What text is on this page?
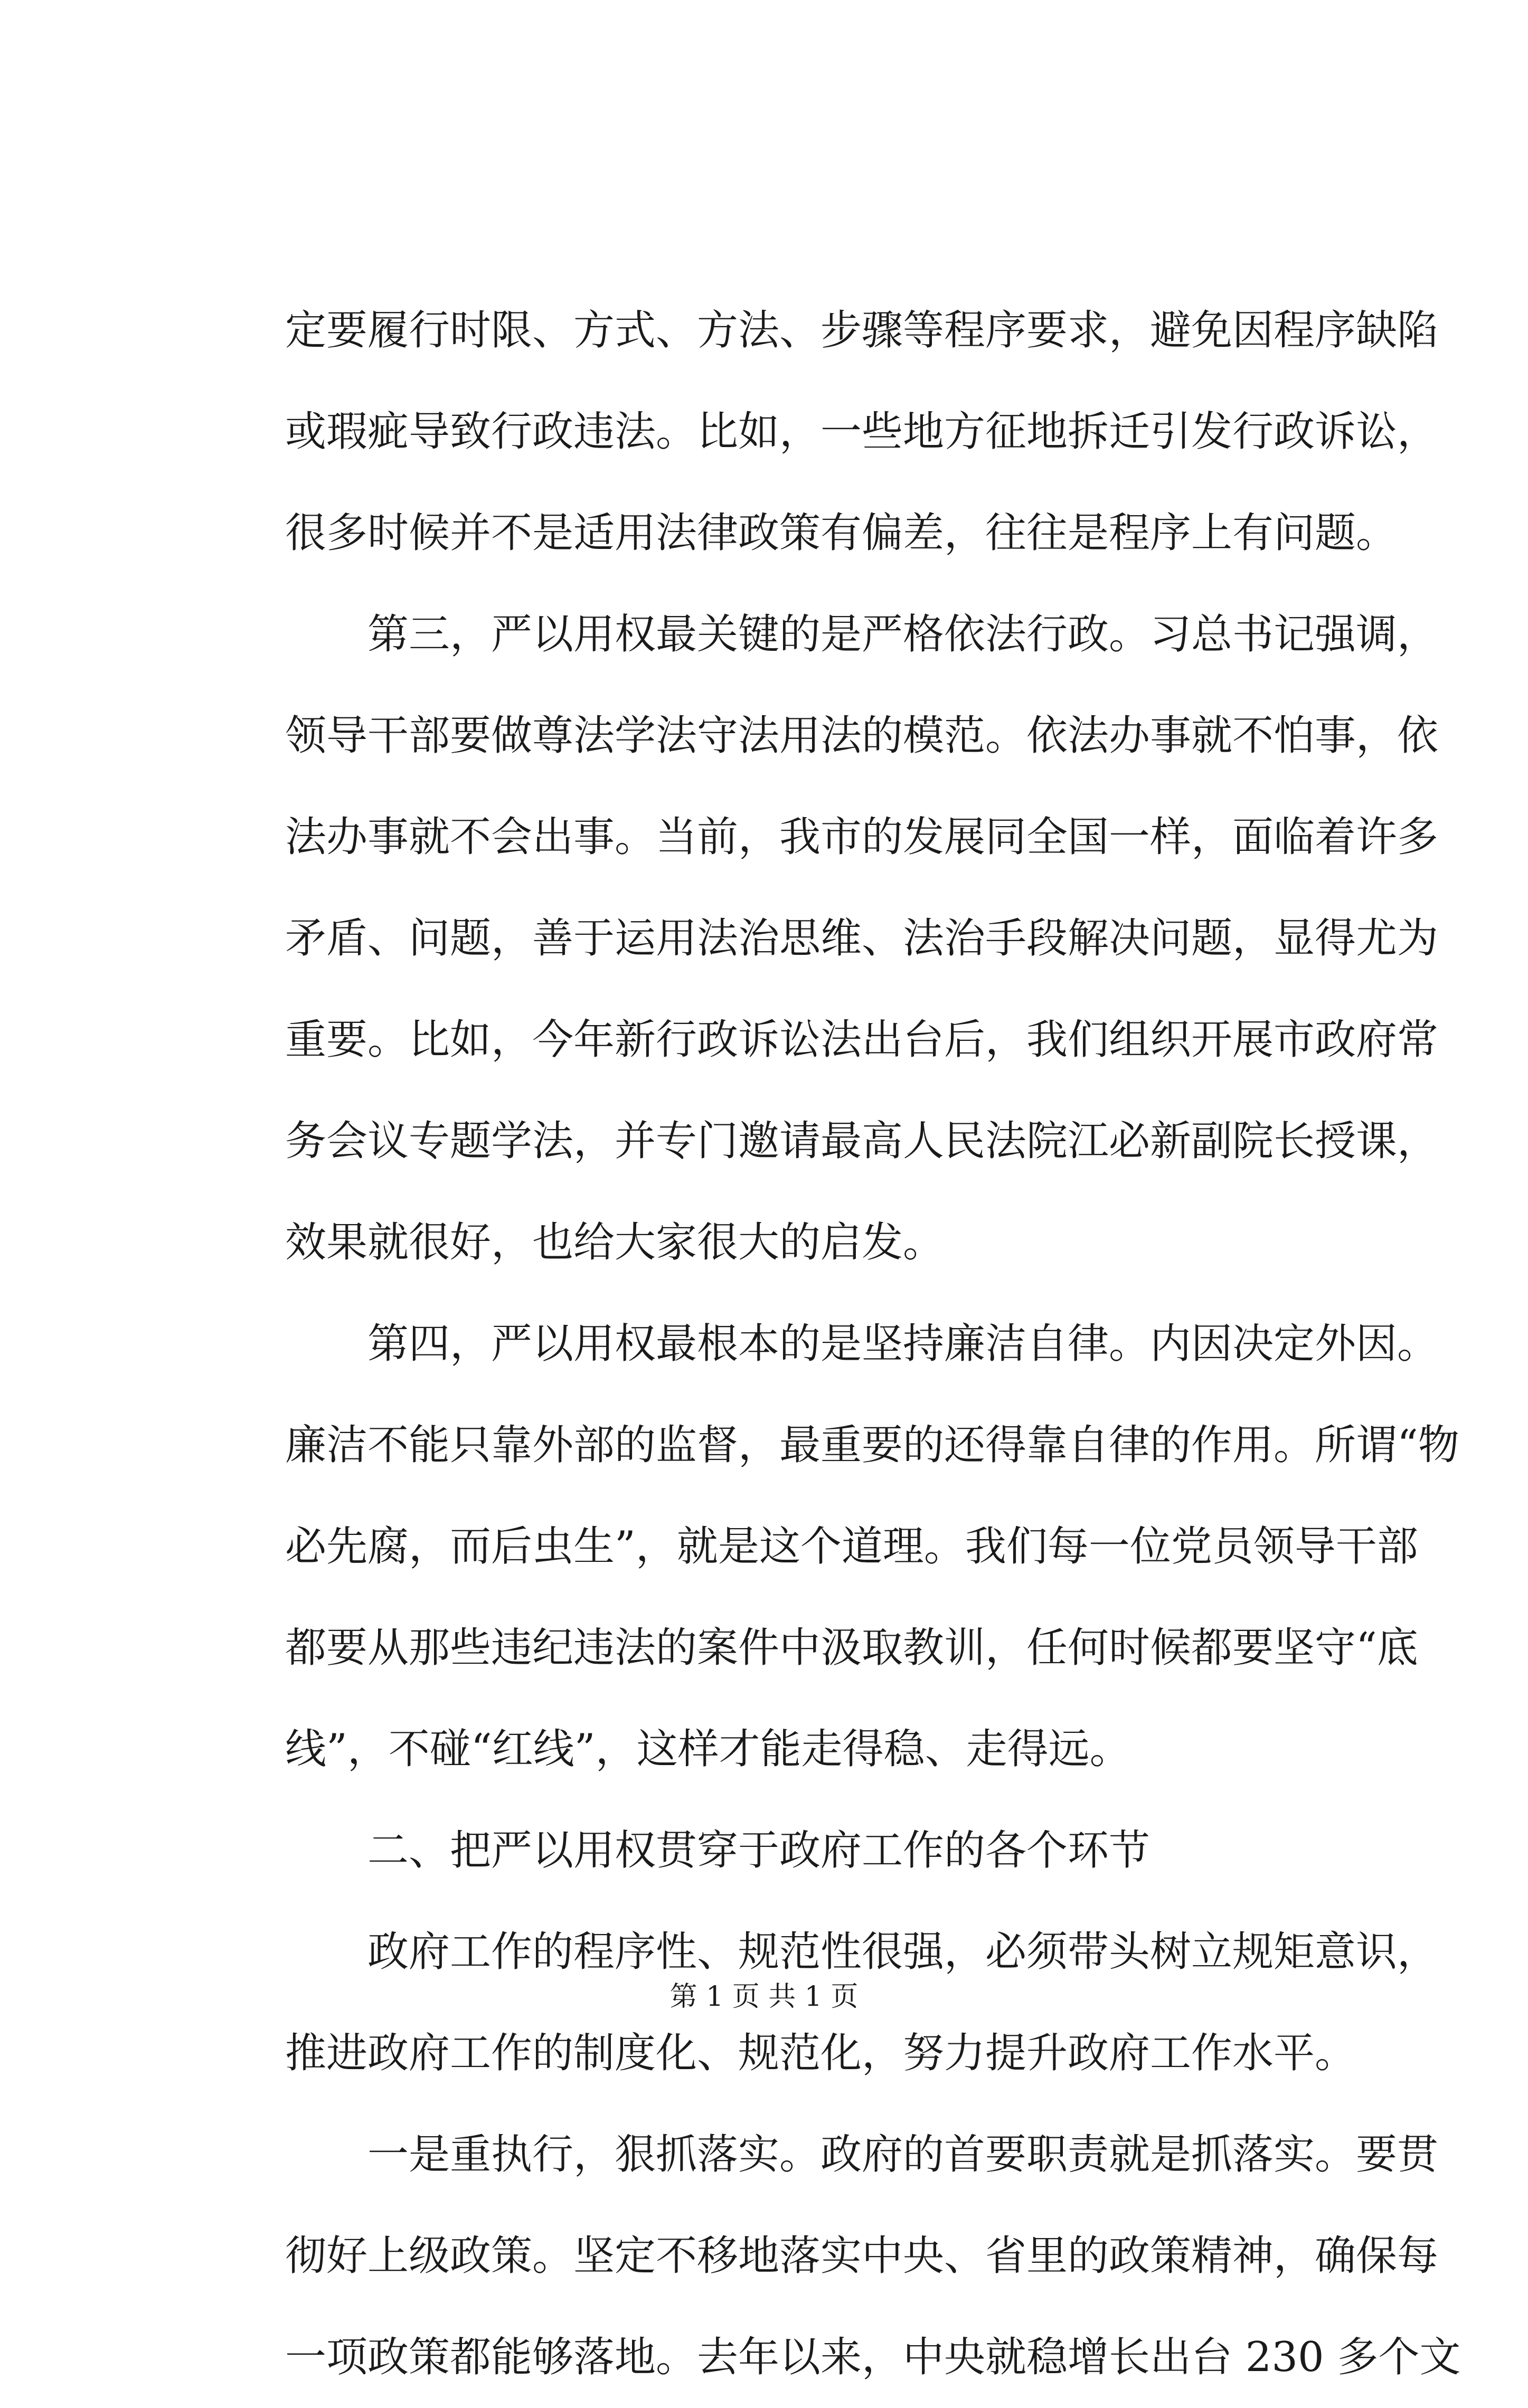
定要履行时限、方式、方法、步骤等程序要求，避免因程序缺陷
或瑕疵导致行政违法。比如，一些地方征地拆迁引发行政诉讼，
很多时候并不是适用法律政策有偏差，往往是程序上有问题。
第三，严以用权最关键的是严格依法行政。习总书记强调，
领导干部要做尊法学法守法用法的模范。依法办事就不怕事，依
法办事就不会出事。当前，我市的发展同全国一样，面临着许多
矛盾、问题，善于运用法治思维、法治手段解决问题，显得尤为
重要。比如，今年新行政诉讼法出台后，我们组织开展市政府常
务会议专题学法，并专门邀请最高人民法院江必新副院长授课，
效果就很好，也给大家很大的启发。
第四，严以用权最根本的是坚持廉洁自律。内因决定外因。
廉洁不能只靠外部的监督，最重要的还得靠自律的作用。所谓“物
必先腐，而后虫生”，就是这个道理。我们每一位党员领导干部
都要从那些违纪违法的案件中汲取教训，任何时候都要坚守“底
线”，不碰“红线”，这样才能走得稳、走得远。
二、把严以用权贯穿于政府工作的各个环节
政府工作的程序性、规范性很强，必须带头树立规矩意识，
推进政府工作的制度化、规范化，努力提升政府工作水平。
一是重执行，狠抓落实。政府的首要职责就是抓落实。要贯
彻好上级政策。坚定不移地落实中央、省里的政策精神，确保每
一项政策都能够落地。去年以来，中央就稳增长出台 230 多个文
第 1 页 共 1 页
